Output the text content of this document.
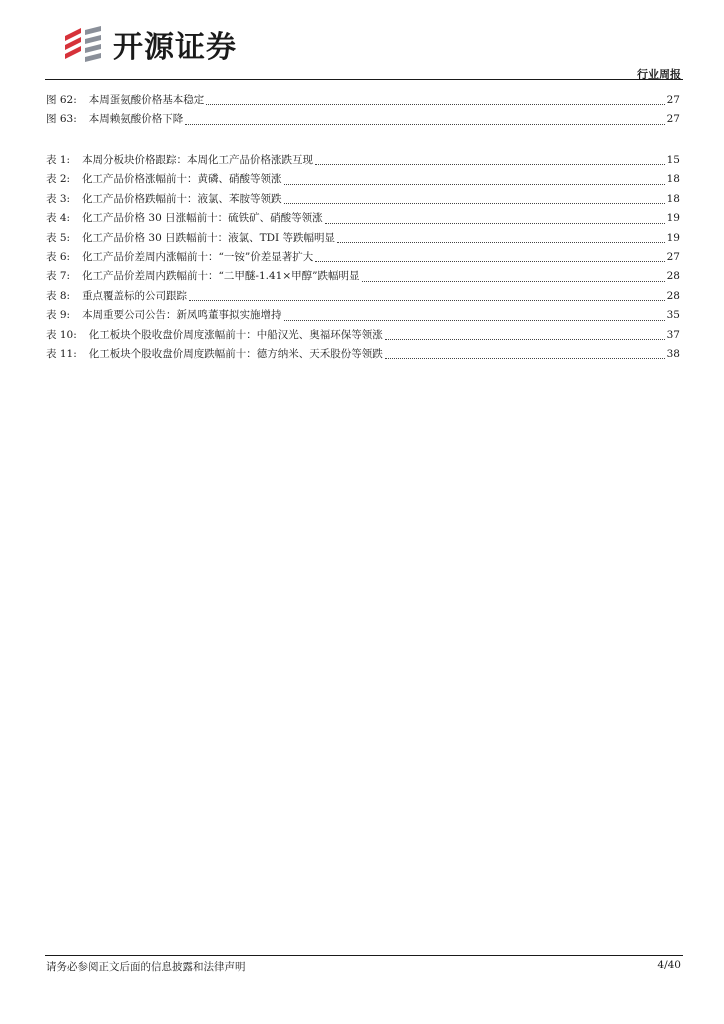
开源证券
行业周报
图 62: 本周蛋氨酸价格基本稳定	27
图 63: 本周赖氨酸价格下降	27
表 1: 本周分板块价格跟踪：本周化工产品价格涨跌互现	15
表 2: 化工产品价格涨幅前十：黄磷、硝酸等领涨	18
表 3: 化工产品价格跌幅前十：液氯、苯胺等领跌	18
表 4: 化工产品价格 30 日涨幅前十：硫铁矿、硝酸等领涨	19
表 5: 化工产品价格 30 日跌幅前十：液氯、TDI 等跌幅明显	19
表 6: 化工产品价差周内涨幅前十：“一铵”价差显著扩大	27
表 7: 化工产品价差周内跌幅前十：“二甲醚-1.41×甲醇”跌幅明显	28
表 8: 重点覆盖标的公司跟踪	28
表 9: 本周重要公司公告：新凤鸣董事拟实施增持	35
表 10: 化工板块个股收盘价周度涨幅前十：中船汉光、奥福环保等领涨	37
表 11: 化工板块个股收盘价周度跌幅前十：德方纳米、天禾股份等领跌	38
请务必参阅正文后面的信息披露和法律声明	4/40
